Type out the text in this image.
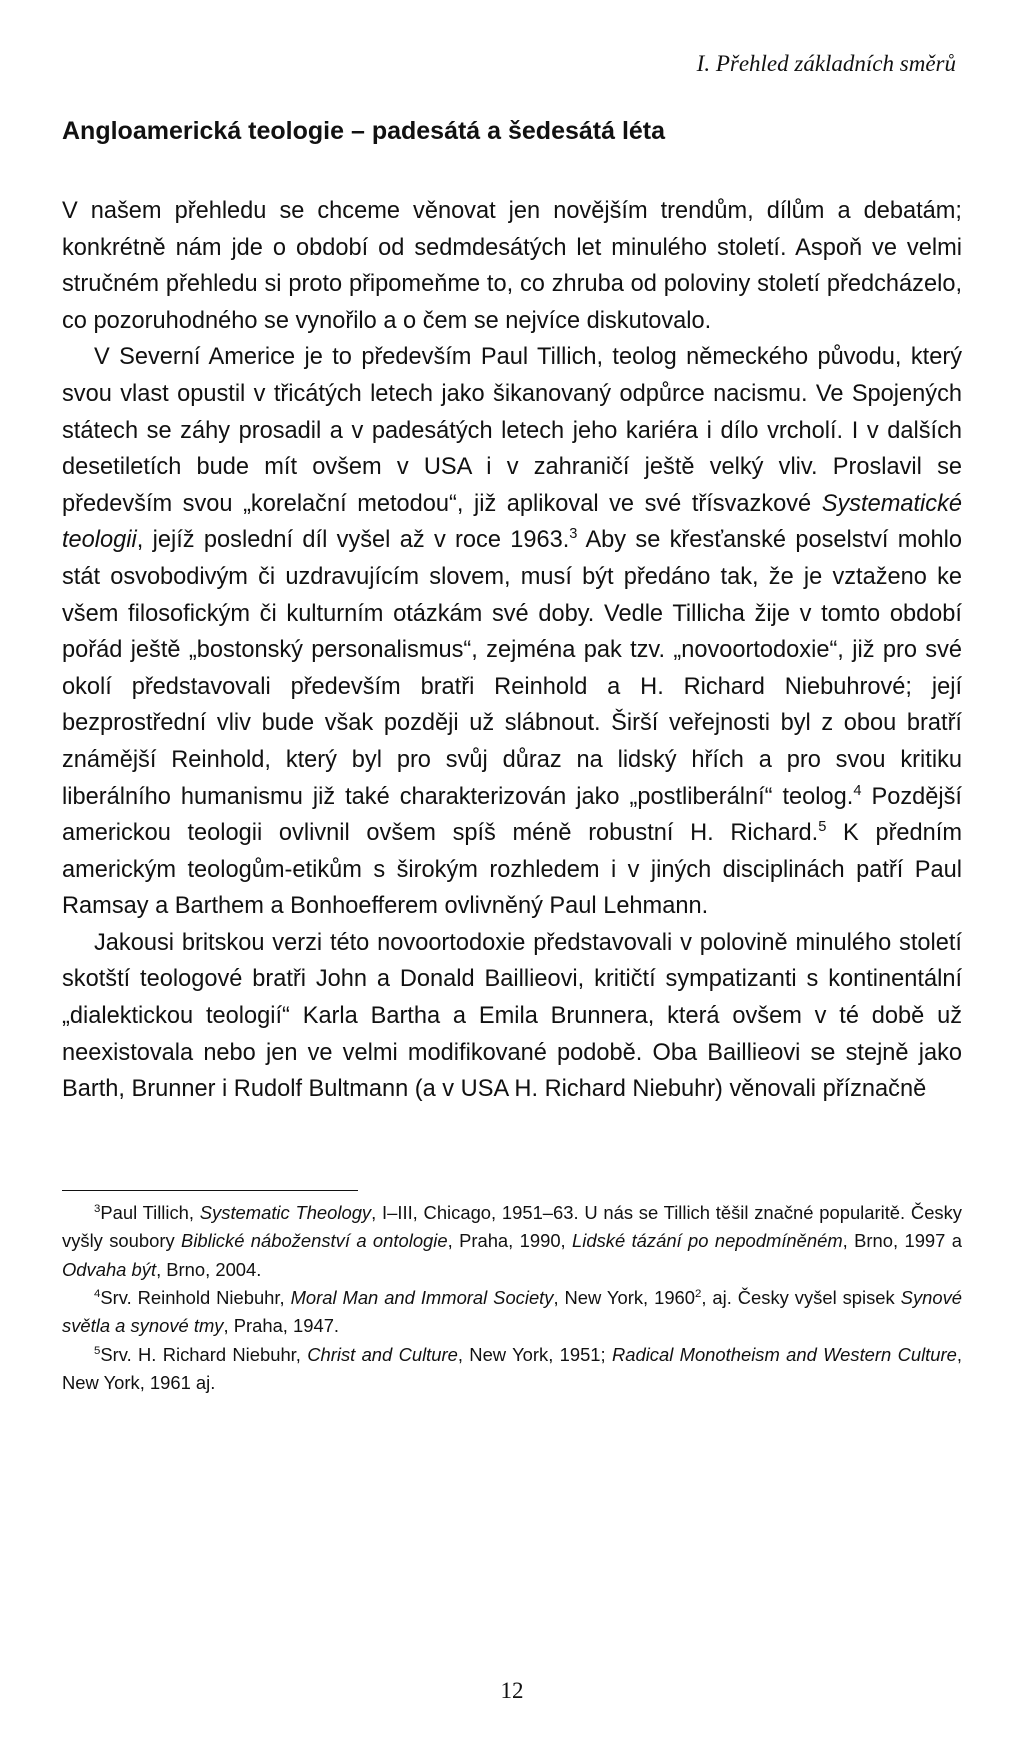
I. Přehled základních směrů

Angloamerická teologie – padesátá a šedesátá léta

V našem přehledu se chceme věnovat jen novějším trendům, dílům a debatám; konkrétně nám jde o období od sedmdesátých let minulého století. Aspoň ve velmi stručném přehledu si proto připomeňme to, co zhruba od poloviny století předcházelo, co pozoruhodného se vynořilo a o čem se nejvíce diskutovalo.

V Severní Americe je to především Paul Tillich, teolog německého původu, který svou vlast opustil v třicátých letech jako šikanovaný odpůrce nacismu. Ve Spojených státech se záhy prosadil a v padesátých letech jeho kariéra i dílo vrcholí. I v dalších desetiletích bude mít ovšem v USA i v zahraničí ještě velký vliv. Proslavil se především svou „korelační metodou“, již aplikoval ve své třísvazkové Systematické teologii, jejíž poslední díl vyšel až v roce 1963.$^3$ Aby se křesťanské poselství mohlo stát osvobodivým či uzdravujícím slovem, musí být předáno tak, že je vztaženo ke všem filosofickým či kulturním otázkám své doby. Vedle Tillicha žije v tomto období pořád ještě „bostonský personalismus“, zejména pak tzv. „novoortodoxie“, již pro své okolí představovali především bratři Reinhold a H. Richard Niebuhrové; její bezprostřední vliv bude však později už slábnout. Širší veřejnosti byl z obou bratří známější Reinhold, který byl pro svůj důraz na lidský hřích a pro svou kritiku liberálního humanismu již také charakterizován jako „postliberální“ teolog.$^4$ Pozdější americkou teologii ovlivnil ovšem spíš méně robustní H. Richard.$^5$ K předním americkým teologům-etikům s širokým rozhledem i v jiných disciplinách patří Paul Ramsay a Barthem a Bonhoefferem ovlivněný Paul Lehmann.

Jakousi britskou verzi této novoortodoxie představovali v polovině minulého století skotští teologové bratři John a Donald Baillieovi, kritičtí sympatizanti s kontinentální „dialektickou teologií“ Karla Bartha a Emila Brunnera, která ovšem v té době už neexistovala nebo jen ve velmi modifikované podobě. Oba Baillieovi se stejně jako Barth, Brunner i Rudolf Bultmann (a v USA H. Richard Niebuhr) věnovali příznačně

$^3$Paul Tillich, Systematic Theology, I–III, Chicago, 1951–63. U nás se Tillich těšil značné popularitě. Česky vyšly soubory Biblické náboženství a ontologie, Praha, 1990, Lidské tázání po nepodmíněném, Brno, 1997 a Odvaha být, Brno, 2004.

$^4$Srv. Reinhold Niebuhr, Moral Man and Immoral Society, New York, 1960$^2$, aj. Česky vyšel spisek Synové světla a synové tmy, Praha, 1947.

$^5$Srv. H. Richard Niebuhr, Christ and Culture, New York, 1951; Radical Monotheism and Western Culture, New York, 1961 aj.

12
